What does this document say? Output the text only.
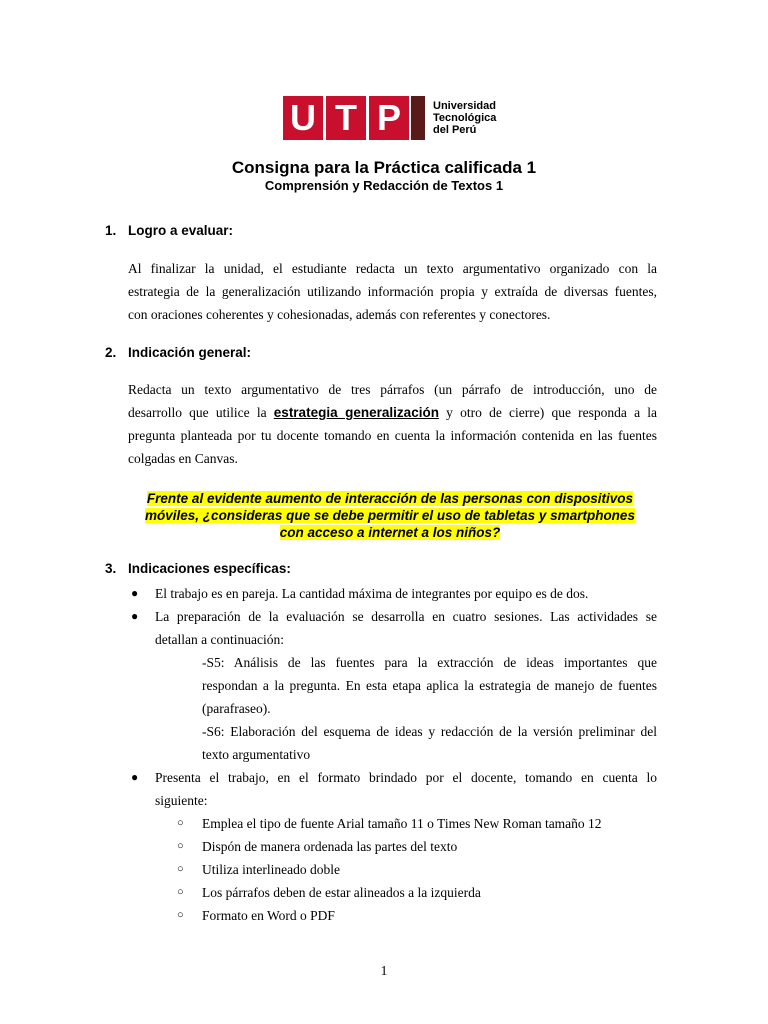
U T P	Universidad
Tecnológica
del Perú
Consigna para la Práctica calificada 1
Comprensión y Redacción de Textos 1
1. Logro a evaluar:
Al finalizar la unidad, el estudiante redacta un texto argumentativo organizado con la
estrategia de la generalización utilizando información propia y extraída de diversas fuentes,
con oraciones coherentes y cohesionadas, además con referentes y conectores.
2. Indicación general:
Redacta un texto argumentativo de tres párrafos (un párrafo de introducción, uno de
desarrollo que utilice la estrategia generalización y otro de cierre) que responda a la
pregunta planteada por tu docente tomando en cuenta la información contenida en las fuentes
colgadas en Canvas.
Frente al evidente aumento de interacción de las personas con dispositivos
móviles, ¿consideras que se debe permitir el uso de tabletas y smartphones
con acceso a internet a los niños?
3. Indicaciones específicas:
● El trabajo es en pareja. La cantidad máxima de integrantes por equipo es de dos.
● La preparación de la evaluación se desarrolla en cuatro sesiones. Las actividades se
detallan a continuación:
-S5: Análisis de las fuentes para la extracción de ideas importantes que
respondan a la pregunta. En esta etapa aplica la estrategia de manejo de fuentes
(parafraseo).
-S6: Elaboración del esquema de ideas y redacción de la versión preliminar del
texto argumentativo
● Presenta el trabajo, en el formato brindado por el docente, tomando en cuenta lo
siguiente:
○ Emplea el tipo de fuente Arial tamaño 11 o Times New Roman tamaño 12
○ Dispón de manera ordenada las partes del texto
○ Utiliza interlineado doble
○ Los párrafos deben de estar alineados a la izquierda
○ Formato en Word o PDF
1
